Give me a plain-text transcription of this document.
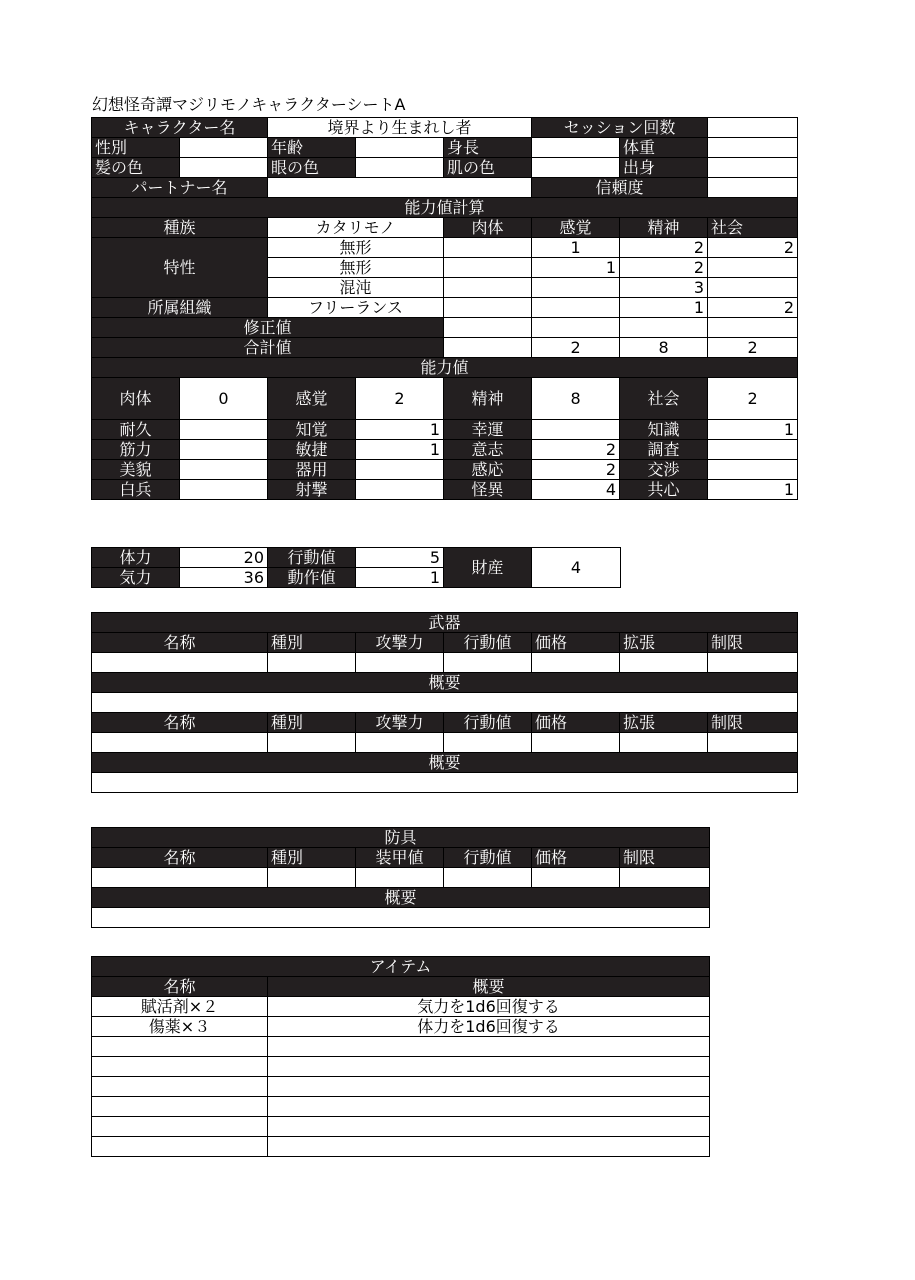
幻想怪奇譚マジリモノキャラクターシートA
キャラクター名		境界より生まれし者			セッション回数		
性別		年齢		身長		体重	
髪の色		眼の色		肌の色		出身	
パートナー名					信頼度		
能力値計算							
種族		カタリモノ		肉体	感覚	精神	社会
特性		無形			1	2	2
		無形			1	2	
		混沌				3	
所属組織		フリーランス				1	2
修正値							
合計値					2	8	2
能力値							
肉体	0	感覚	2	精神	8	社会	2
耐久		知覚	1	幸運		知識	1
筋力		敏捷	1	意志	2	調査	
美貌		器用		感応	2	交渉	
白兵		射撃		怪異	4	共心	1
体力	20	行動値	5	財産	4
気力	36	動作値	1		
武器						
名称	種別	攻撃力	行動値	価格	拡張	制限

概要						

名称	種別	攻撃力	行動値	価格	拡張	制限

概要						

防具					
名称	種別	装甲値	行動値	価格	制限

概要					

アイテム	
名称	概要
賦活剤×２	気力を1d6回復する
傷薬×３	体力を1d6回復する
